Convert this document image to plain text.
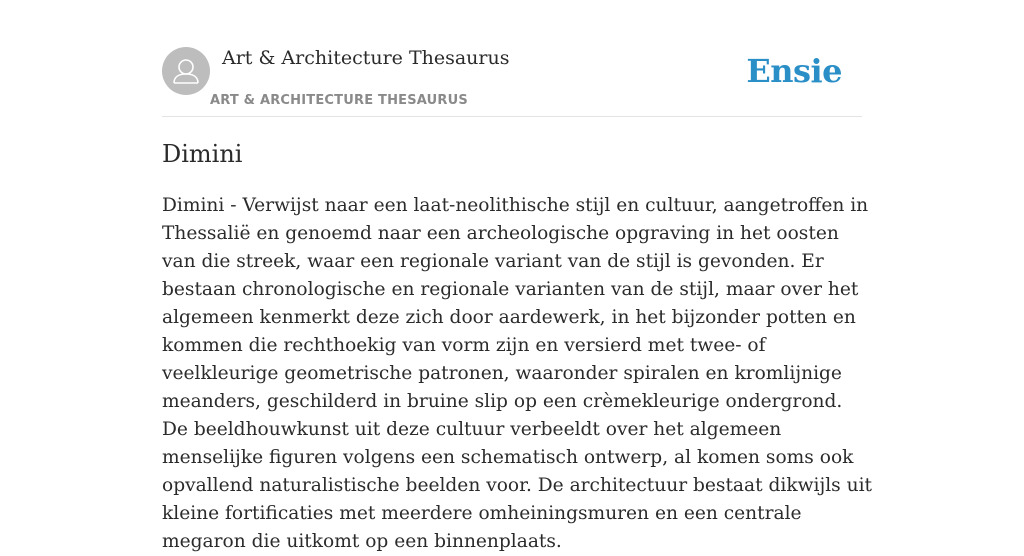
Art & Architecture Thesaurus
ART & ARCHITECTURE THESAURUS
Ensie
Dimini

Dimini - Verwijst naar een laat-neolithische stijl en cultuur, aangetroffen in Thessalië en genoemd naar een archeologische opgraving in het oosten van die streek, waar een regionale variant van de stijl is gevonden. Er bestaan chronologische en regionale varianten van de stijl, maar over het algemeen kenmerkt deze zich door aardewerk, in het bijzonder potten en kommen die rechthoekig van vorm zijn en versierd met twee- of veelkleurige geometrische patronen, waaronder spiralen en kromlijnige meanders, geschilderd in bruine slip op een crèmekleurige ondergrond. De beeldhouwkunst uit deze cultuur verbeeldt over het algemeen menselijke figuren volgens een schematisch ontwerp, al komen soms ook opvallend naturalistische beelden voor. De architectuur bestaat dikwijls uit kleine fortificaties met meerdere omheiningsmuren en een centrale megaron die uitkomt op een binnenplaats.
